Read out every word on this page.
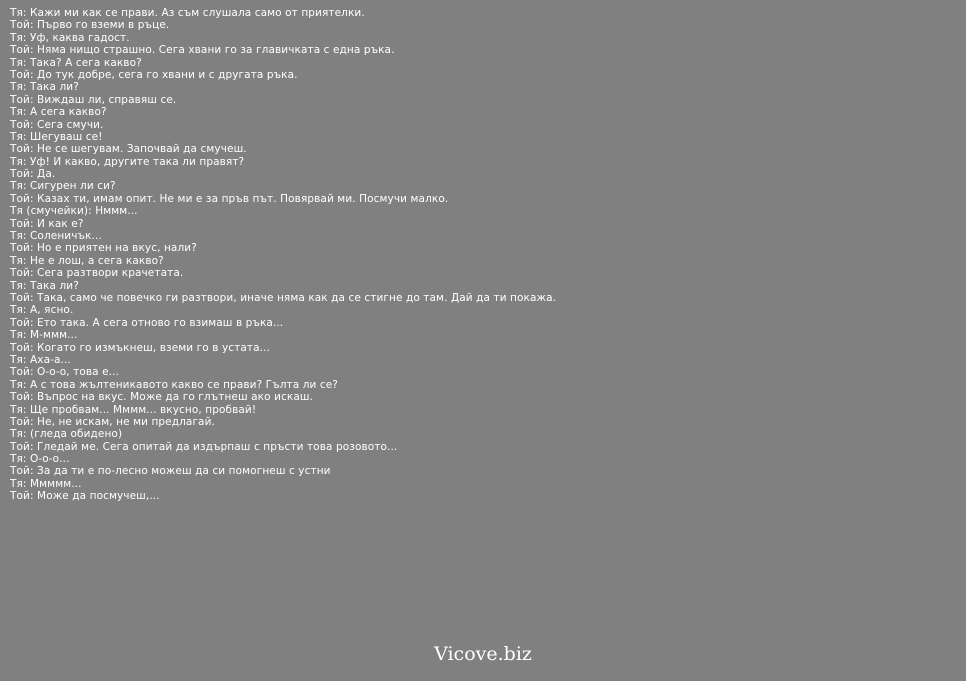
Тя: Кажи ми как се прави. Аз съм слушала само от приятелки.
Той: Първо го вземи в ръце.
Тя: Уф, каква гадост.
Той: Няма нищо страшно. Сега хвани го за главичката с една ръка.
Тя: Така? А сега какво?
Той: До тук добре, сега го хвани и с другата ръка.
Тя: Така ли?
Той: Виждаш ли, справяш се.
Тя: А сега какво?
Той: Сега смучи.
Тя: Шегуваш се!
Той: Не се шегувам. Започвай да смучеш.
Тя: Уф! И какво, другите така ли правят?
Той: Да.
Тя: Сигурен ли си?
Той: Казах ти, имам опит. Не ми е за пръв път. Повярвай ми. Посмучи малко.
Тя (смучейки): Нммм...
Той: И как е?
Тя: Соленичък...
Той: Но е приятен на вкус, нали?
Тя: Не е лош, а сега какво?
Той: Сега разтвори крачетата.
Тя: Така ли?
Той: Така, само че повечко ги разтвори, иначе няма как да се стигне до там. Дай да ти покажа.
Тя: А, ясно.
Той: Ето така. А сега отново го взимаш в ръка...
Тя: М-ммм...
Той: Когато го измъкнеш, вземи го в устата...
Тя: Аха-а...
Той: О-о-о, това е...
Тя: А с това жълтеникавото какво се прави? Гълта ли се?
Той: Въпрос на вкус. Може да го глътнеш ако искаш.
Тя: Ще пробвам... Мммм... вкусно, пробвай!
Той: Не, не искам, не ми предлагай.
Тя: (гледа обидено)
Той: Гледай ме. Сега опитай да издърпаш с пръсти това розовото...
Тя: О-о-о...
Той: За да ти е по-лесно можеш да си помогнеш с устни
Тя: Ммммм...
Той: Може да посмучеш,...
Vicove.biz
